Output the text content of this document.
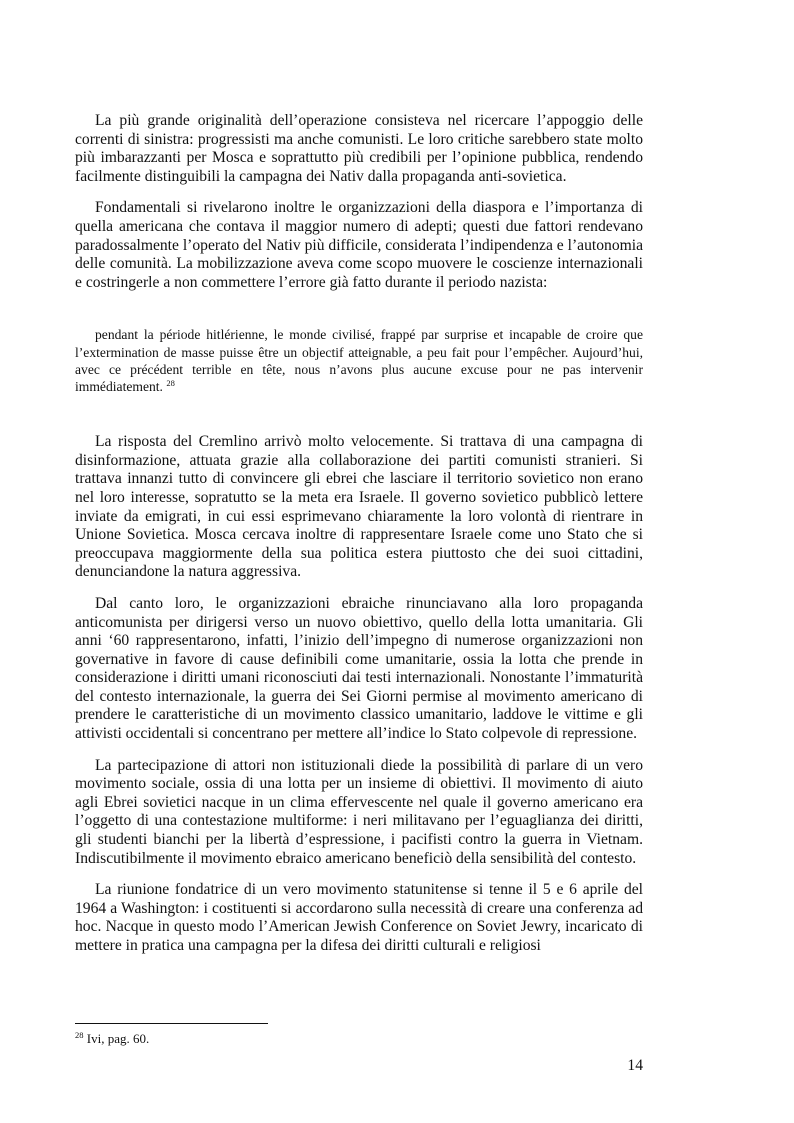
La più grande originalità dell’operazione consisteva nel ricercare l’appoggio delle correnti di sinistra: progressisti ma anche comunisti. Le loro critiche sarebbero state molto più imbarazzanti per Mosca e soprattutto più credibili per l’opinione pubblica, rendendo facilmente distinguibili la campagna dei Nativ dalla propaganda anti-sovietica.

Fondamentali si rivelarono inoltre le organizzazioni della diaspora e l’importanza di quella americana che contava il maggior numero di adepti; questi due fattori rendevano paradossalmente l’operato del Nativ più difficile, considerata l’indipendenza e l’autonomia delle comunità. La mobilizzazione aveva come scopo muovere le coscienze internazionali e costringerle a non commettere l’errore già fatto durante il periodo nazista:

pendant la période hitlérienne, le monde civilisé, frappé par surprise et incapable de croire que l’extermination de masse puisse être un objectif atteignable, a peu fait pour l’empêcher. Aujourd’hui, avec ce précédent terrible en tête, nous n’avons plus aucune excuse pour ne pas intervenir immédiatement. $^{28}$

La risposta del Cremlino arrivò molto velocemente. Si trattava di una campagna di disinformazione, attuata grazie alla collaborazione dei partiti comunisti stranieri. Si trattava innanzi tutto di convincere gli ebrei che lasciare il territorio sovietico non erano nel loro interesse, sopratutto se la meta era Israele. Il governo sovietico pubblicò lettere inviate da emigrati, in cui essi esprimevano chiaramente la loro volontà di rientrare in Unione Sovietica. Mosca cercava inoltre di rappresentare Israele come uno Stato che si preoccupava maggiormente della sua politica estera piuttosto che dei suoi cittadini, denunciandone la natura aggressiva.

Dal canto loro, le organizzazioni ebraiche rinunciavano alla loro propaganda anticomunista per dirigersi verso un nuovo obiettivo, quello della lotta umanitaria. Gli anni ‘60 rappresentarono, infatti, l’inizio dell’impegno di numerose organizzazioni non governative in favore di cause definibili come umanitarie, ossia la lotta che prende in considerazione i diritti umani riconosciuti dai testi internazionali. Nonostante l’immaturità del contesto internazionale, la guerra dei Sei Giorni permise al movimento americano di prendere le caratteristiche di un movimento classico umanitario, laddove le vittime e gli attivisti occidentali si concentrano per mettere all’indice lo Stato colpevole di repressione.

La partecipazione di attori non istituzionali diede la possibilità di parlare di un vero movimento sociale, ossia di una lotta per un insieme di obiettivi. Il movimento di aiuto agli Ebrei sovietici nacque in un clima effervescente nel quale il governo americano era l’oggetto di una contestazione multiforme: i neri militavano per l’eguaglianza dei diritti, gli studenti bianchi per la libertà d’espressione, i pacifisti contro la guerra in Vietnam. Indiscutibilmente il movimento ebraico americano beneficiò della sensibilità del contesto.

La riunione fondatrice di un vero movimento statunitense si tenne il 5 e 6 aprile del 1964 a Washington: i costituenti si accordarono sulla necessità di creare una conferenza ad hoc. Nacque in questo modo l’American Jewish Conference on Soviet Jewry, incaricato di mettere in pratica una campagna per la difesa dei diritti culturali e religiosi

$^{28}$ Ivi, pag. 60.
14
